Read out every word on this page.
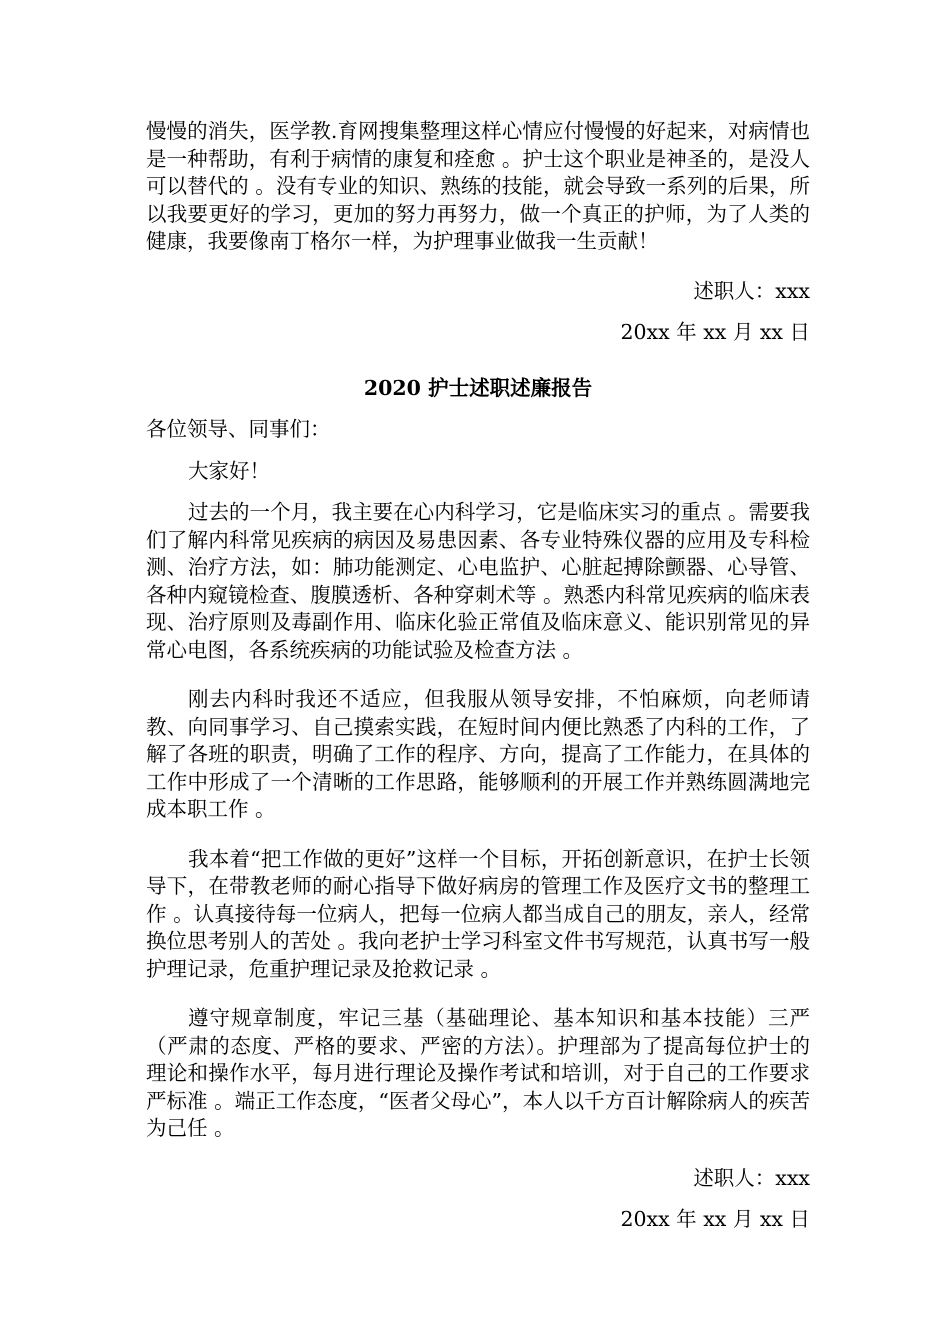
慢慢的消失，医学教.育网搜集整理这样心情应付慢慢的好起来，对病情也是一种帮助，有利于病情的康复和痊愈 。护士这个职业是神圣的，是没人可以替代的 。没有专业的知识、熟练的技能，就会导致一系列的后果，所以我要更好的学习，更加的努力再努力，做一个真正的护师，为了人类的健康，我要像南丁格尔一样，为护理事业做我一生贡献！

述职人：xxx

20xx 年 xx 月 xx 日

2020 护士述职述廉报告

各位领导、同事们：

大家好！

过去的一个月，我主要在心内科学习，它是临床实习的重点 。需要我们了解内科常见疾病的病因及易患因素、各专业特殊仪器的应用及专科检测、治疗方法，如：肺功能测定、心电监护、心脏起搏除颤器、心导管、各种内窥镜检查、腹膜透析、各种穿刺术等 。熟悉内科常见疾病的临床表现、治疗原则及毒副作用、临床化验正常值及临床意义、能识别常见的异常心电图，各系统疾病的功能试验及检查方法 。

刚去内科时我还不适应，但我服从领导安排，不怕麻烦，向老师请教、向同事学习、自己摸索实践，在短时间内便比熟悉了内科的工作，了解了各班的职责，明确了工作的程序、方向，提高了工作能力，在具体的工作中形成了一个清晰的工作思路，能够顺利的开展工作并熟练圆满地完成本职工作 。

我本着“把工作做的更好”这样一个目标，开拓创新意识，在护士长领导下，在带教老师的耐心指导下做好病房的管理工作及医疗文书的整理工作 。认真接待每一位病人，把每一位病人都当成自己的朋友，亲人，经常换位思考别人的苦处 。我向老护士学习科室文件书写规范，认真书写一般护理记录，危重护理记录及抢救记录 。

遵守规章制度，牢记三基（基础理论、基本知识和基本技能）三严（严肃的态度、严格的要求、严密的方法）。护理部为了提高每位护士的理论和操作水平，每月进行理论及操作考试和培训，对于自己的工作要求严标准 。端正工作态度，“医者父母心”，本人以千方百计解除病人的疾苦为己任 。

述职人：xxx

20xx 年 xx 月 xx 日
